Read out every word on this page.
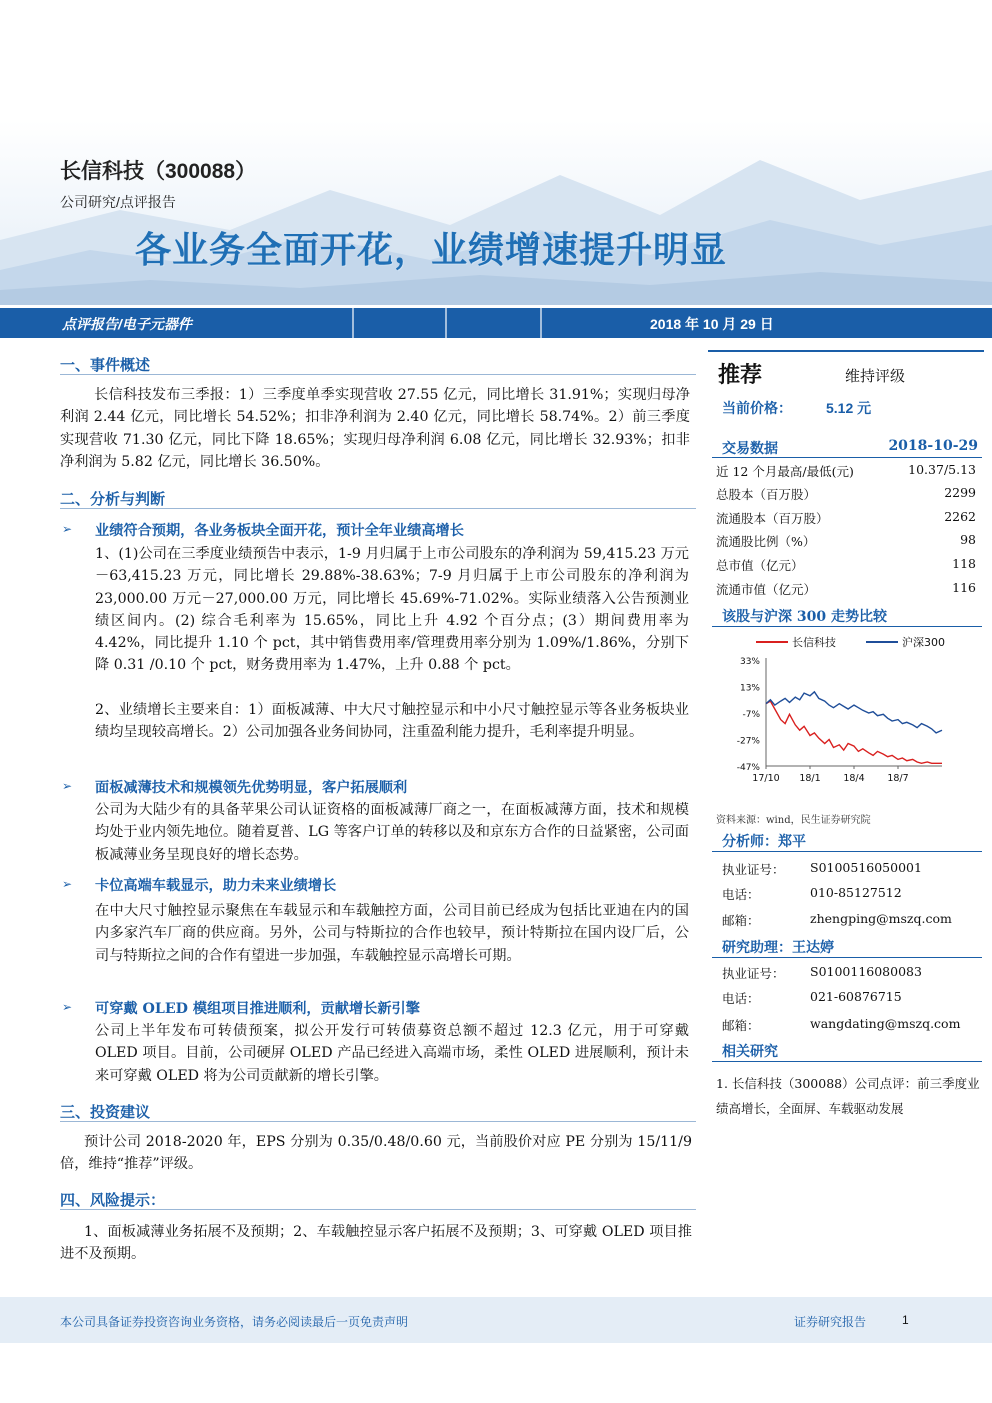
长信科技（300088）
公司研究/点评报告
各业务全面开花，业绩增速提升明显
点评报告/电子元器件	2018 年 10 月 29 日
一、事件概述
长信科技发布三季报：1）三季度单季实现营收 27.55 亿元，同比增长 31.91%；实现归母净利润 2.44 亿元，同比增长 54.52%；扣非净利润为 2.40 亿元，同比增长 58.74%。2）前三季度实现营收 71.30 亿元，同比下降 18.65%；实现归母净利润 6.08 亿元，同比增长 32.93%；扣非净利润为 5.82 亿元，同比增长 36.50%。
二、分析与判断
➢ 业绩符合预期，各业务板块全面开花，预计全年业绩高增长
1、(1)公司在三季度业绩预告中表示，1-9 月归属于上市公司股东的净利润为 59,415.23 万元－63,415.23 万元，同比增长 29.88%-38.63%；7-9 月归属于上市公司股东的净利润为 23,000.00 万元－27,000.00 万元，同比增长 45.69%-71.02%。实际业绩落入公告预测业绩区间内。(2) 综合毛利率为 15.65%，同比上升 4.92 个百分点；(3）期间费用率为 4.42%，同比提升 1.10 个 pct，其中销售费用率/管理费用率分别为 1.09%/1.86%，分别下降 0.31 /0.10 个 pct，财务费用率为 1.47%，上升 0.88 个 pct。
2、业绩增长主要来自：1）面板减薄、中大尺寸触控显示和中小尺寸触控显示等各业务板块业绩均呈现较高增长。2）公司加强各业务间协同，注重盈利能力提升，毛利率提升明显。
➢ 面板减薄技术和规模领先优势明显，客户拓展顺利
公司为大陆少有的具备苹果公司认证资格的面板减薄厂商之一，在面板减薄方面，技术和规模均处于业内领先地位。随着夏普、LG 等客户订单的转移以及和京东方合作的日益紧密，公司面板减薄业务呈现良好的增长态势。
➢ 卡位高端车载显示，助力未来业绩增长
在中大尺寸触控显示聚焦在车载显示和车载触控方面，公司目前已经成为包括比亚迪在内的国内多家汽车厂商的供应商。另外，公司与特斯拉的合作也较早，预计特斯拉在国内设厂后，公司与特斯拉之间的合作有望进一步加强，车载触控显示高增长可期。
➢ 可穿戴 OLED 模组项目推进顺利，贡献增长新引擎
公司上半年发布可转债预案，拟公开发行可转债募资总额不超过 12.3 亿元，用于可穿戴 OLED 项目。目前，公司硬屏 OLED 产品已经进入高端市场，柔性 OLED 进展顺利，预计未来可穿戴 OLED 将为公司贡献新的增长引擎。
三、投资建议
预计公司 2018-2020 年，EPS 分别为 0.35/0.48/0.60 元，当前股价对应 PE 分别为 15/11/9 倍，维持“推荐”评级。
四、风险提示：
1、面板减薄业务拓展不及预期；2、车载触控显示客户拓展不及预期；3、可穿戴 OLED 项目推进不及预期。
推荐	维持评级
当前价格： 5.12 元
交易数据	2018-10-29
近 12 个月最高/最低(元)	10.37/5.13
总股本（百万股）	2299
流通股本（百万股）	2262
流通股比例（%）	98
总市值（亿元）	118
流通市值（亿元）	116
该股与沪深 300 走势比较
长信科技	沪深300
33%
13%
-7%
-27%
-47%
17/10 18/1 18/4 18/7
资料来源：wind，民生证券研究院
分析师：郑平
执业证号： S0100516050001
电话：	010-85127512
邮箱：	zhengping@mszq.com
研究助理：王达婷
执业证号： S0100116080083
电话：	021-60876715
邮箱：	wangdating@mszq.com
相关研究
1. 长信科技（300088）公司点评：前三季度业绩高增长，全面屏、车载驱动发展
本公司具备证券投资咨询业务资格，请务必阅读最后一页免责声明	证券研究报告	1
